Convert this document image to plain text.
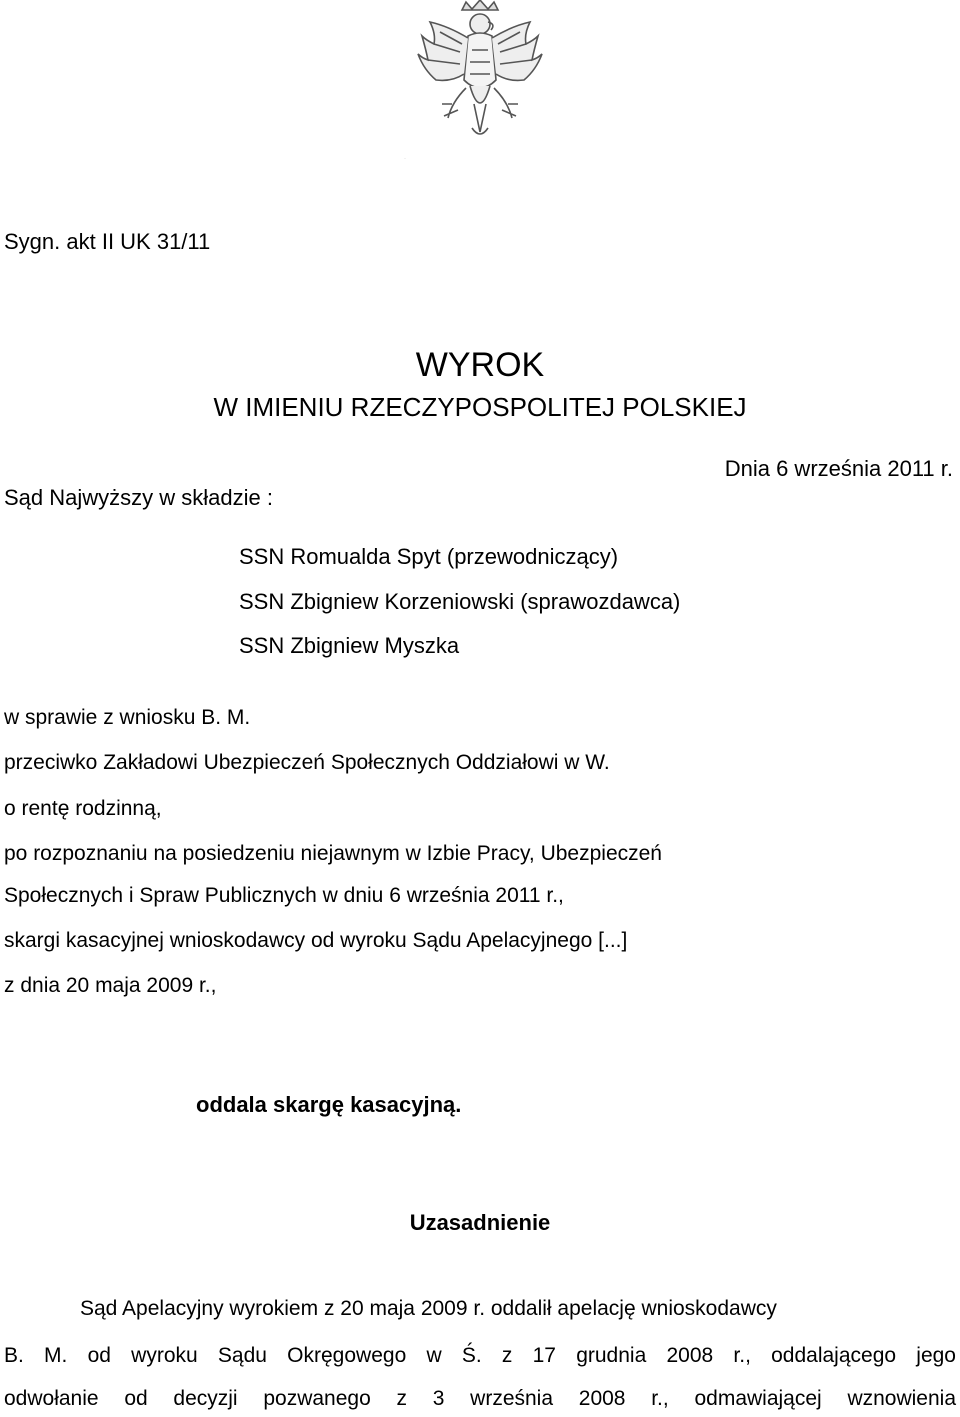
·
Sygn. akt II UK 31/11
WYROK
W IMIENIU RZECZYPOSPOLITEJ POLSKIEJ
Dnia 6 września 2011 r.
Sąd Najwyższy w składzie :
SSN Romualda Spyt (przewodniczący)
SSN Zbigniew Korzeniowski (sprawozdawca)
SSN Zbigniew Myszka
w sprawie z wniosku B. M.
przeciwko Zakładowi Ubezpieczeń Społecznych Oddziałowi w W.
o rentę rodzinną,
po rozpoznaniu na posiedzeniu niejawnym w Izbie Pracy, Ubezpieczeń
Społecznych i Spraw Publicznych w dniu 6 września 2011 r.,
skargi kasacyjnej wnioskodawcy od wyroku Sądu Apelacyjnego [...]
z dnia 20 maja 2009 r.,
oddala skargę kasacyjną.
Uzasadnienie
Sąd Apelacyjny wyrokiem z 20 maja 2009 r. oddalił apelację wnioskodawcy
B. M. od wyroku Sądu Okręgowego w Ś. z 17 grudnia 2008 r., oddalającego jego
odwołanie od decyzji pozwanego z 3 września 2008 r., odmawiającej wznowienia
